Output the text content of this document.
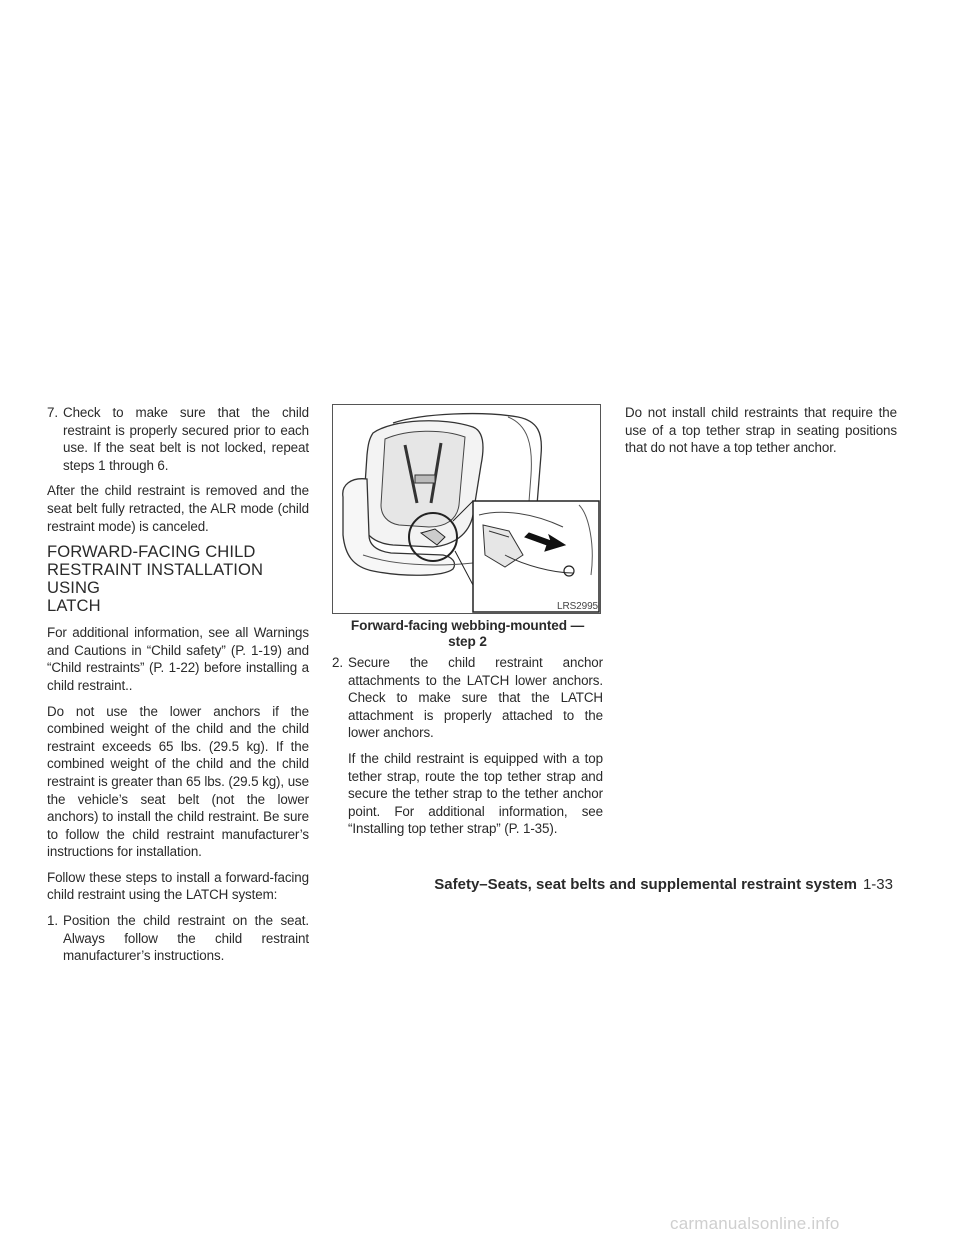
7. Check to make sure that the child restraint is properly secured prior to each use. If the seat belt is not locked, repeat steps 1 through 6.

After the child restraint is removed and the seat belt fully retracted, the ALR mode (child restraint mode) is canceled.

FORWARD-FACING CHILD
RESTRAINT INSTALLATION USING
LATCH

For additional information, see all Warnings and Cautions in “Child safety” (P. 1-19) and “Child restraints” (P. 1-22) before installing a child restraint..

Do not use the lower anchors if the combined weight of the child and the child restraint exceeds 65 lbs. (29.5 kg). If the combined weight of the child and the child restraint is greater than 65 lbs. (29.5 kg), use the vehicle’s seat belt (not the lower anchors) to install the child restraint. Be sure to follow the child restraint manufacturer’s instructions for installation.

Follow these steps to install a forward-facing child restraint using the LATCH system:

1. Position the child restraint on the seat. Always follow the child restraint manufacturer’s instructions.
LRS2995
Forward-facing webbing-mounted —
step 2
2. Secure the child restraint anchor attachments to the LATCH lower anchors. Check to make sure that the LATCH attachment is properly attached to the lower anchors.

If the child restraint is equipped with a top tether strap, route the top tether strap and secure the tether strap to the tether anchor point. For additional information, see “Installing top tether strap” (P. 1-35).

Do not install child restraints that require the use of a top tether strap in seating positions that do not have a top tether anchor.

Safety–Seats, seat belts and supplemental restraint system 1-33
carmanualsonline.info
